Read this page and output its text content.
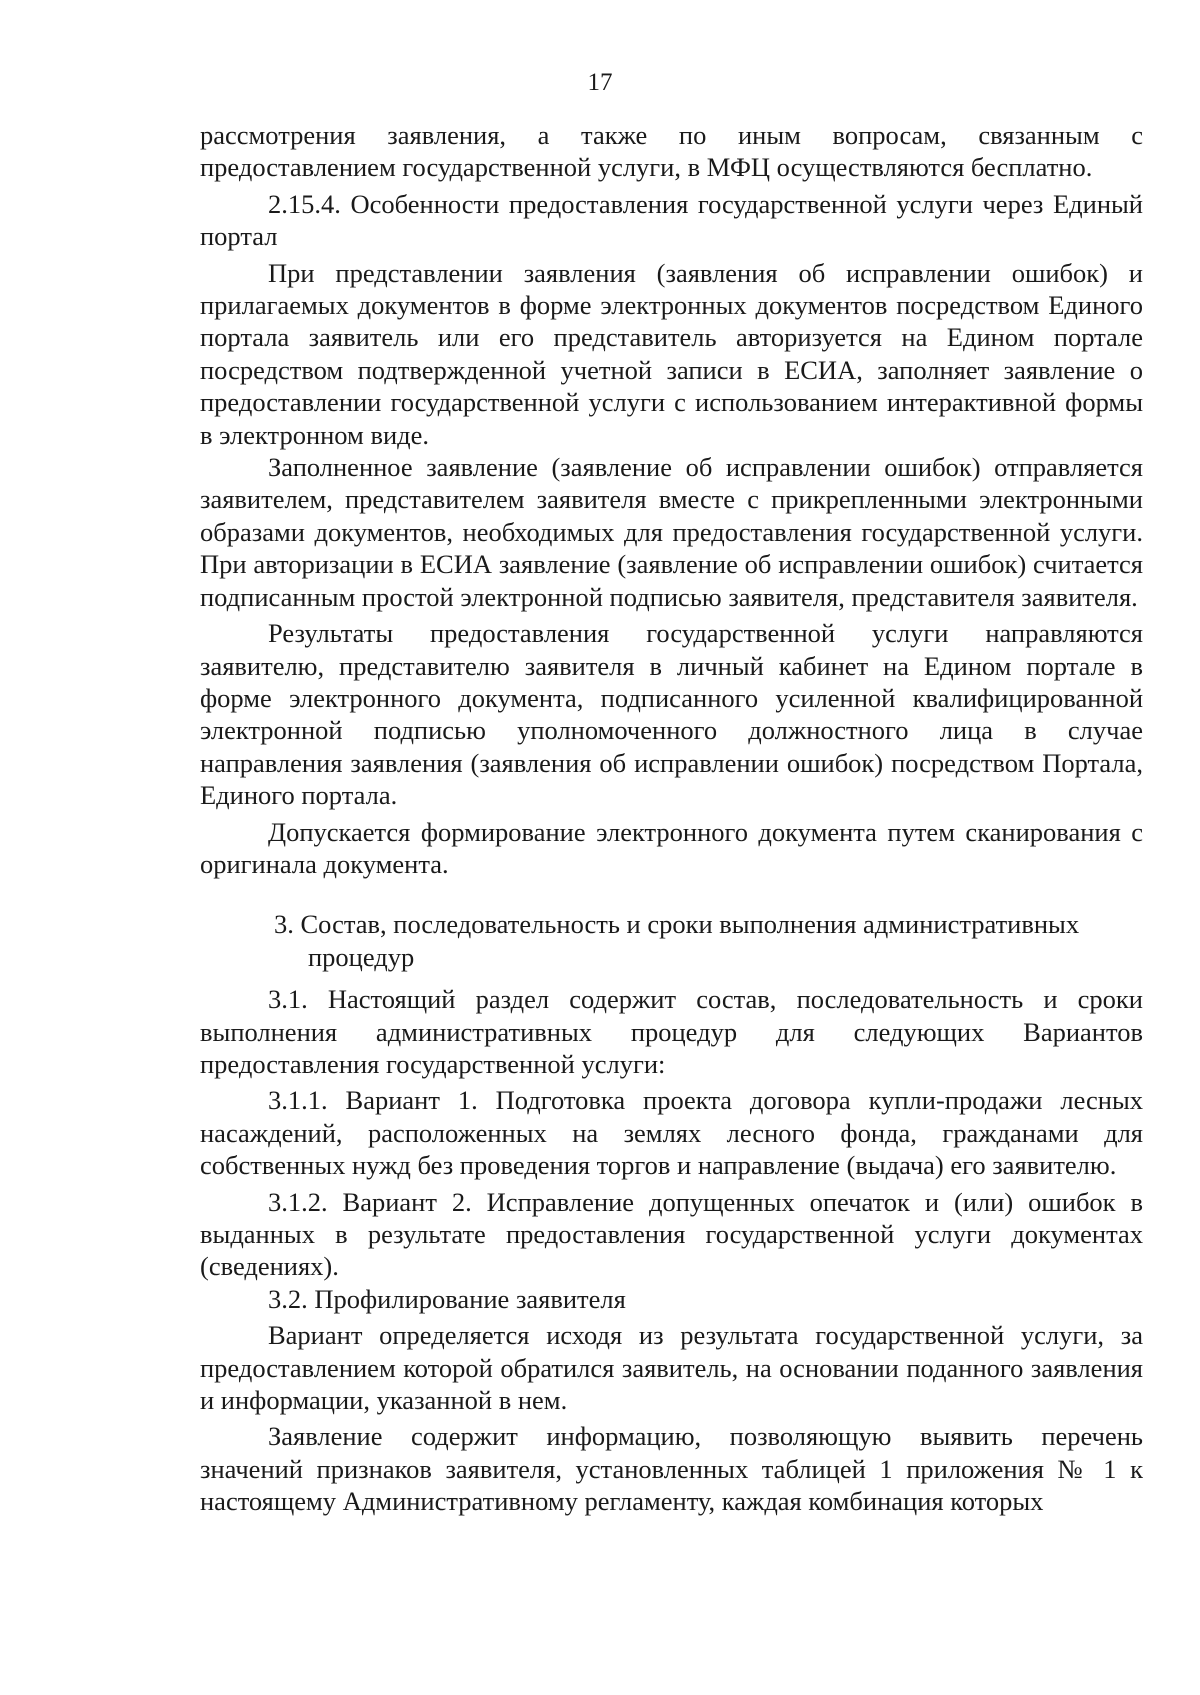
17

рассмотрения заявления, а также по иным вопросам, связанным с предоставлением государственной услуги, в МФЦ осуществляются бесплатно.

2.15.4. Особенности предоставления государственной услуги через Единый портал

При представлении заявления (заявления об исправлении ошибок) и прилагаемых документов в форме электронных документов посредством Единого портала заявитель или его представитель авторизуется на Едином портале посредством подтвержденной учетной записи в ЕСИА, заполняет заявление о предоставлении государственной услуги с использованием интерактивной формы в электронном виде.

Заполненное заявление (заявление об исправлении ошибок) отправляется заявителем, представителем заявителя вместе с прикрепленными электронными образами документов, необходимых для предоставления государственной услуги. При авторизации в ЕСИА заявление (заявление об исправлении ошибок) считается подписанным простой электронной подписью заявителя, представителя заявителя.

Результаты предоставления государственной услуги направляются заявителю, представителю заявителя в личный кабинет на Едином портале в форме электронного документа, подписанного усиленной квалифицированной электронной подписью уполномоченного должностного лица в случае направления заявления (заявления об исправлении ошибок) посредством Портала, Единого портала.

Допускается формирование электронного документа путем сканирования с оригинала документа.

3. Состав, последовательность и сроки выполнения административных
процедур

3.1. Настоящий раздел содержит состав, последовательность и сроки выполнения административных процедур для следующих Вариантов предоставления государственной услуги:

3.1.1. Вариант 1. Подготовка проекта договора купли-продажи лесных насаждений, расположенных на землях лесного фонда, гражданами для собственных нужд без проведения торгов и направление (выдача) его заявителю.

3.1.2. Вариант 2. Исправление допущенных опечаток и (или) ошибок в выданных в результате предоставления государственной услуги документах (сведениях).

3.2. Профилирование заявителя

Вариант определяется исходя из результата государственной услуги, за предоставлением которой обратился заявитель, на основании поданного заявления и информации, указанной в нем.

Заявление содержит информацию, позволяющую выявить перечень значений признаков заявителя, установленных таблицей 1 приложения № 1 к настоящему Административному регламенту, каждая комбинация которых
